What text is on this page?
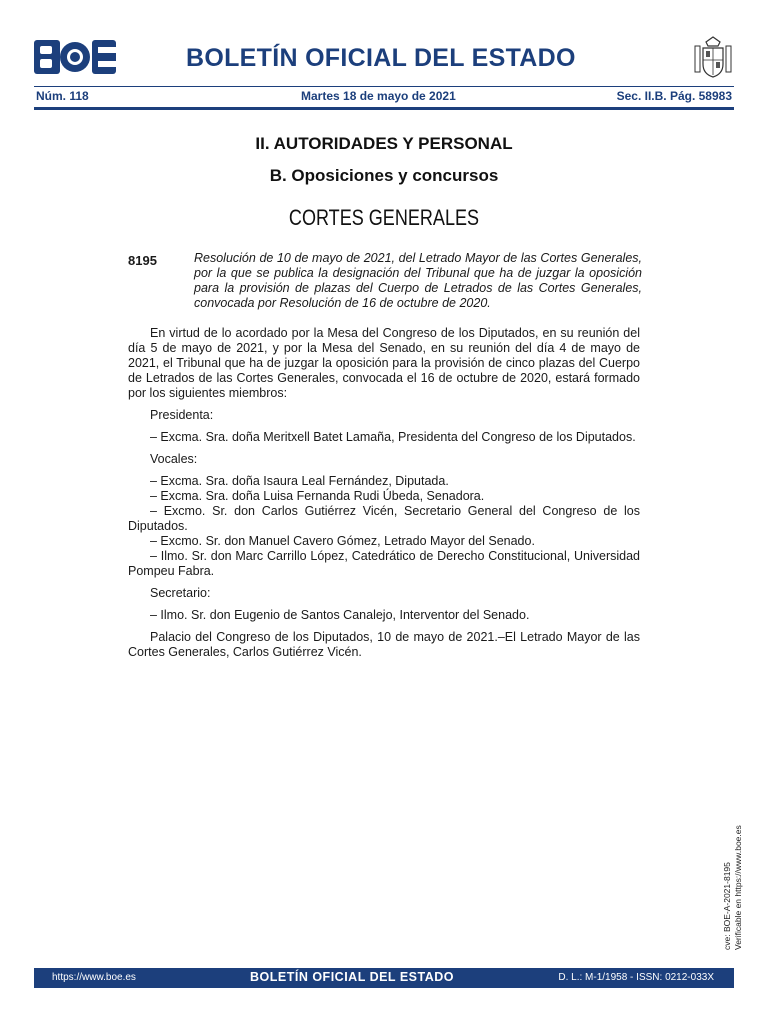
BOLETÍN OFICIAL DEL ESTADO
Núm. 118	Martes 18 de mayo de 2021	Sec. II.B. Pág. 58983
II. AUTORIDADES Y PERSONAL
B. Oposiciones y concursos
CORTES GENERALES
8195	Resolución de 10 de mayo de 2021, del Letrado Mayor de las Cortes Generales, por la que se publica la designación del Tribunal que ha de juzgar la oposición para la provisión de plazas del Cuerpo de Letrados de las Cortes Generales, convocada por Resolución de 16 de octubre de 2020.

En virtud de lo acordado por la Mesa del Congreso de los Diputados, en su reunión del día 5 de mayo de 2021, y por la Mesa del Senado, en su reunión del día 4 de mayo de 2021, el Tribunal que ha de juzgar la oposición para la provisión de cinco plazas del Cuerpo de Letrados de las Cortes Generales, convocada el 16 de octubre de 2020, estará formado por los siguientes miembros:

Presidenta:

– Excma. Sra. doña Meritxell Batet Lamaña, Presidenta del Congreso de los Diputados.

Vocales:

– Excma. Sra. doña Isaura Leal Fernández, Diputada.
– Excma. Sra. doña Luisa Fernanda Rudi Úbeda, Senadora.
– Excmo. Sr. don Carlos Gutiérrez Vicén, Secretario General del Congreso de los Diputados.
– Excmo. Sr. don Manuel Cavero Gómez, Letrado Mayor del Senado.
– Ilmo. Sr. don Marc Carrillo López, Catedrático de Derecho Constitucional, Universidad Pompeu Fabra.

Secretario:

– Ilmo. Sr. don Eugenio de Santos Canalejo, Interventor del Senado.

Palacio del Congreso de los Diputados, 10 de mayo de 2021.–El Letrado Mayor de las Cortes Generales, Carlos Gutiérrez Vicén.

cve: BOE-A-2021-8195 Verificable en https://www.boe.es
https://www.boe.es	BOLETÍN OFICIAL DEL ESTADO	D. L.: M-1/1958 - ISSN: 0212-033X
